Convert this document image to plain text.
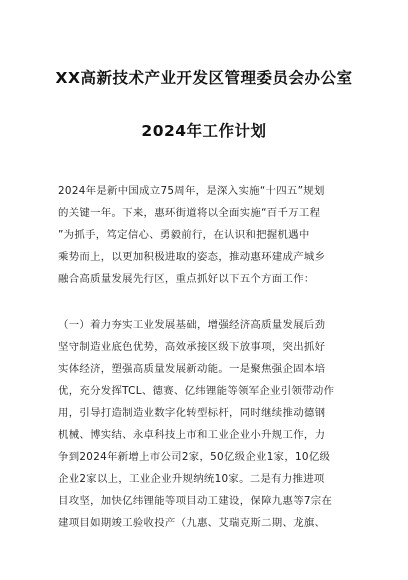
XX高新技术产业开发区管理委员会办公室
2024年工作计划
2024年是新中国成立75周年，是深入实施“十四五”规划
的关键一年。下来，惠环街道将以全面实施“百千万工程
”为抓手，笃定信心、勇毅前行，在认识和把握机遇中
乘势而上，以更加积极进取的姿态，推动惠环建成产城乡
融合高质量发展先行区，重点抓好以下五个方面工作：
（一）着力夯实工业发展基础，增强经济高质量发展后劲
坚守制造业底色优势，高效承接区级下放事项，突出抓好
实体经济，塑强高质量发展新动能。一是聚焦强企固本培
优，充分发挥TCL、德赛、亿纬锂能等领军企业引领带动作
用，引导打造制造业数字化转型标杆，同时继续推动德钢
机械、博实结、永卓科技上市和工业企业小升规工作，力
争到2024年新增上市公司2家，50亿级企业1家，10亿级
企业2家以上，工业企业升规纳统10家。二是有力推进项
目攻坚，加快亿纬锂能等项目动工建设，保障九惠等7宗在
建项目如期竣工验收投产（九惠、艾瑞克斯二期、龙旗、
